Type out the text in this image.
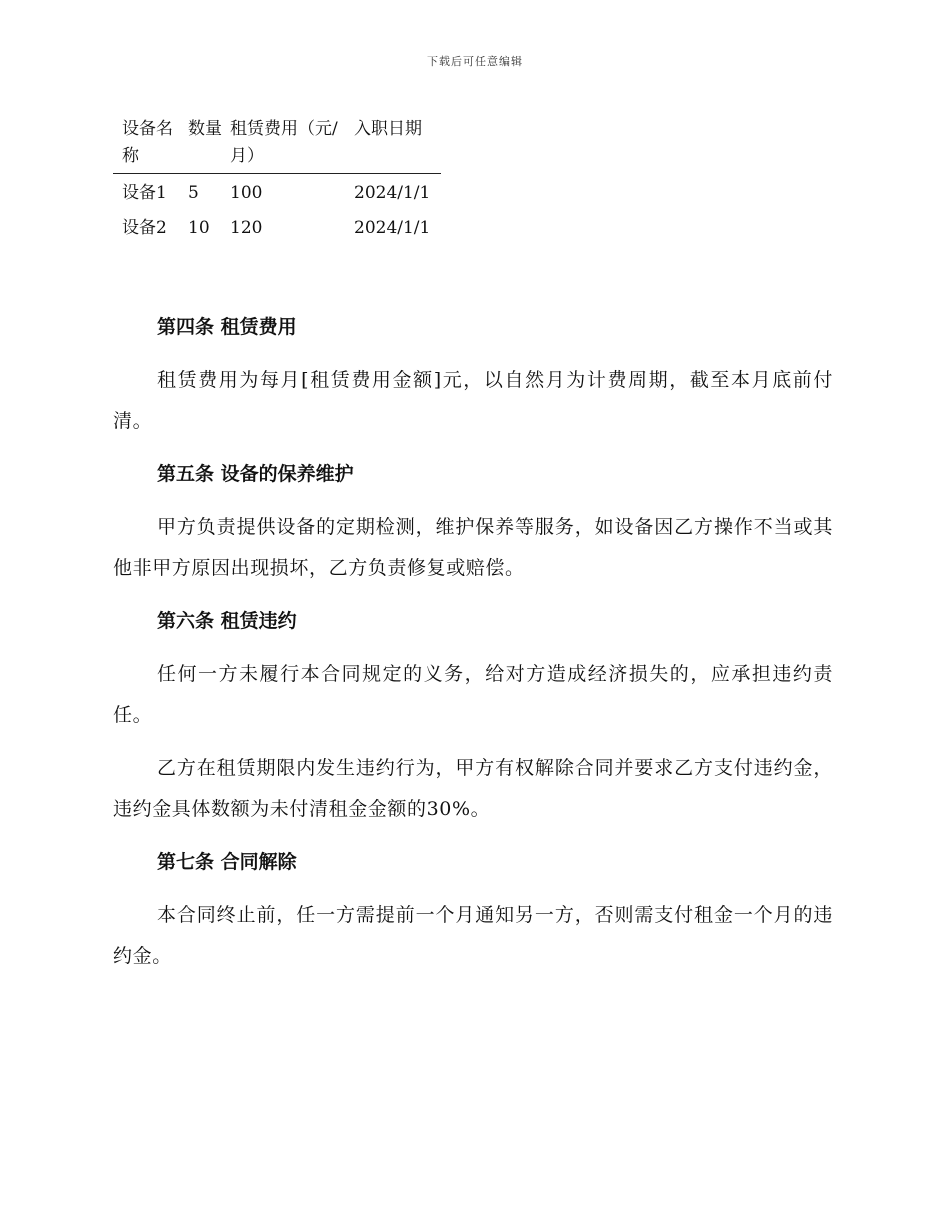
下载后可任意编辑
设备名称	数量	租赁费用（元/月）	入职日期
设备1	5	100	2024/1/1
设备2	10	120	2024/1/1
第四条 租赁费用
租赁费用为每月[租赁费用金额]元，以自然月为计费周期，截至本月底前付清。
第五条 设备的保养维护
甲方负责提供设备的定期检测，维护保养等服务，如设备因乙方操作不当或其他非甲方原因出现损坏，乙方负责修复或赔偿。
第六条 租赁违约
任何一方未履行本合同规定的义务，给对方造成经济损失的，应承担违约责任。
乙方在租赁期限内发生违约行为，甲方有权解除合同并要求乙方支付违约金，违约金具体数额为未付清租金金额的30%。
第七条 合同解除
本合同终止前，任一方需提前一个月通知另一方，否则需支付租金一个月的违约金。
